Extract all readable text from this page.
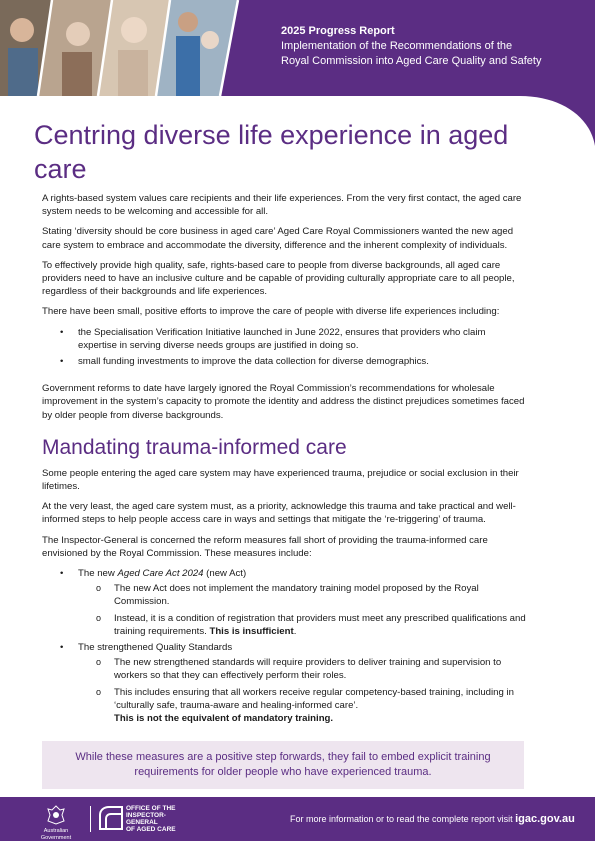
2025 Progress Report
Implementation of the Recommendations of the
Royal Commission into Aged Care Quality and Safety
Centring diverse life experience in aged care

A rights-based system values care recipients and their life experiences. From the very first contact, the aged care system needs to be welcoming and accessible for all.

Stating ‘diversity should be core business in aged care’ Aged Care Royal Commissioners wanted the new aged care system to embrace and accommodate the diversity, difference and the inherent complexity of individuals.

To effectively provide high quality, safe, rights-based care to people from diverse backgrounds, all aged care providers need to have an inclusive culture and be capable of providing culturally appropriate care to all people, regardless of their backgrounds and life experiences.

There have been small, positive efforts to improve the care of people with diverse life experiences including:

• the Specialisation Verification Initiative launched in June 2022, ensures that providers who claim expertise in serving diverse needs groups are justified in doing so.
• small funding investments to improve the data collection for diverse demographics.

Government reforms to date have largely ignored the Royal Commission’s recommendations for wholesale improvement in the system’s capacity to promote the identity and address the distinct prejudices sometimes faced by older people from diverse backgrounds.

Mandating trauma-informed care

Some people entering the aged care system may have experienced trauma, prejudice or social exclusion in their lifetimes.

At the very least, the aged care system must, as a priority, acknowledge this trauma and take practical and well-informed steps to help people access care in ways and settings that mitigate the ‘re-triggering’ of trauma.

The Inspector-General is concerned the reform measures fall short of providing the trauma-informed care envisioned by the Royal Commission. These measures include:

• The new Aged Care Act 2024 (new Act)
o The new Act does not implement the mandatory training model proposed by the Royal Commission.
o Instead, it is a condition of registration that providers must meet any prescribed qualifications and training requirements. This is insufficient.
• The strengthened Quality Standards
o The new strengthened standards will require providers to deliver training and supervision to workers so that they can effectively perform their roles.
o This includes ensuring that all workers receive regular competency-based training, including in ‘culturally safe, trauma-aware and healing-informed care’.
This is not the equivalent of mandatory training.
While these measures are a positive step forwards, they fail to embed explicit training requirements for older people who have experienced trauma.
Australian Government
OFFICE OF THE
INSPECTOR-
GENERAL
OF AGED CARE
For more information or to read the complete report visit igac.gov.au
